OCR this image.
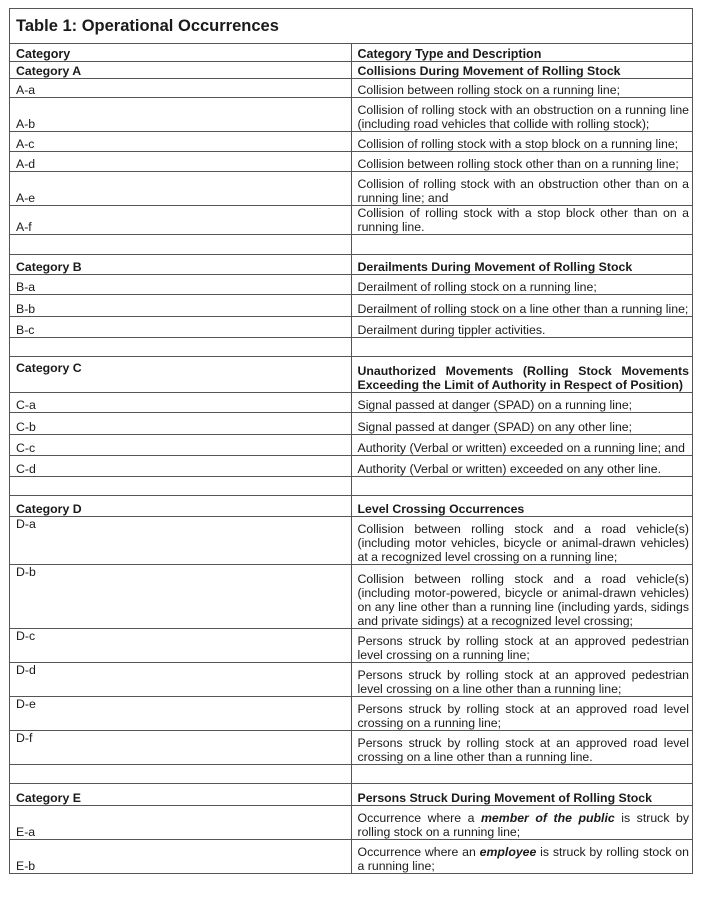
Table 1: Operational Occurrences	
Category	Category Type and Description
Category A	Collisions During Movement of Rolling Stock
A-a	Collision between rolling stock on a running line;
A-b	Collision of rolling stock with an obstruction on a running line (including road vehicles that collide with rolling stock);
A-c	Collision of rolling stock with a stop block on a running line;
A-d	Collision between rolling stock other than on a running line;
A-e	Collision of rolling stock with an obstruction other than on a running line; and
A-f	Collision of rolling stock with a stop block other than on a running line.

Category B	Derailments During Movement of Rolling Stock
B-a	Derailment of rolling stock on a running line;
B-b	Derailment of rolling stock on a line other than a running line;
B-c	Derailment during tippler activities.

Category C	Unauthorized Movements (Rolling Stock Movements Exceeding the Limit of Authority in Respect of Position)
C-a	Signal passed at danger (SPAD) on a running line;
C-b	Signal passed at danger (SPAD) on any other line;
C-c	Authority (Verbal or written) exceeded on a running line; and
C-d	Authority (Verbal or written) exceeded on any other line.

Category D	Level Crossing Occurrences
D-a	Collision between rolling stock and a road vehicle(s) (including motor vehicles, bicycle or animal-drawn vehicles) at a recognized level crossing on a running line;
D-b	Collision between rolling stock and a road vehicle(s) (including motor-powered, bicycle or animal-drawn vehicles) on any line other than a running line (including yards, sidings and private sidings) at a recognized level crossing;
D-c	Persons struck by rolling stock at an approved pedestrian level crossing on a running line;
D-d	Persons struck by rolling stock at an approved pedestrian level crossing on a line other than a running line;
D-e	Persons struck by rolling stock at an approved road level crossing on a running line;
D-f	Persons struck by rolling stock at an approved road level crossing on a line other than a running line.

Category E	Persons Struck During Movement of Rolling Stock
E-a	Occurrence where a member of the public is struck by rolling stock on a running line;
E-b	Occurrence where an employee is struck by rolling stock on a running line;
